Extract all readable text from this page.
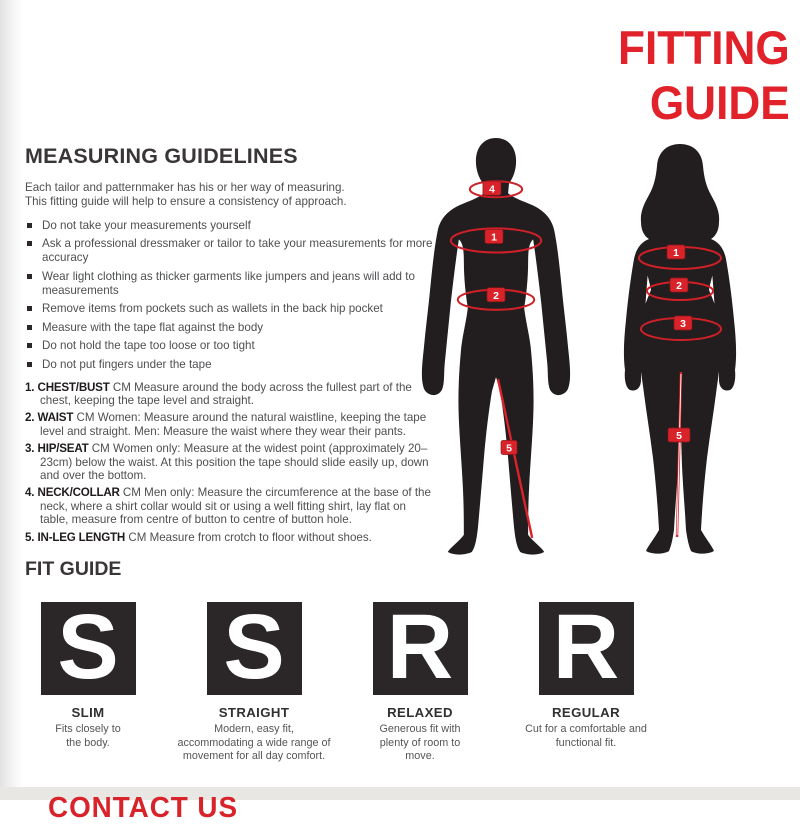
FITTING
GUIDE
MEASURING GUIDELINES

Each tailor and patternmaker has his or her way of measuring.
This fitting guide will help to ensure a consistency of approach.

Do not take your measurements yourself
Ask a professional dressmaker or tailor to take your measurements for more accuracy
Wear light clothing as thicker garments like jumpers and jeans will add to measurements
Remove items from pockets such as wallets in the back hip pocket
Measure with the tape flat against the body
Do not hold the tape too loose or too tight
Do not put fingers under the tape
1. CHEST/BUST CM Measure around the body across the fullest part of the chest, keeping the tape level and straight.
2. WAIST CM Women: Measure around the natural waistline, keeping the tape level and straight. Men: Measure the waist where they wear their pants.
3. HIP/SEAT CM Women only: Measure at the widest point (approximately 20–23cm) below the waist. At this position the tape should slide easily up, down and over the bottom.
4. NECK/COLLAR CM Men only: Measure the circumference at the base of the neck, where a shirt collar would sit or using a well fitting shirt, lay flat on table, measure from centre of button to centre of button hole.
5. IN-LEG LENGTH CM Measure from crotch to floor without shoes.
4
1
2
5
1
2
3
5
FIT GUIDE
S
SLIM
Fits closely to the body.
S
STRAIGHT
Modern, easy fit, accommodating a wide range of movement for all day comfort.
R
RELAXED
Generous fit with plenty of room to move.
R
REGULAR
Cut for a comfortable and functional fit.
CONTACT US
